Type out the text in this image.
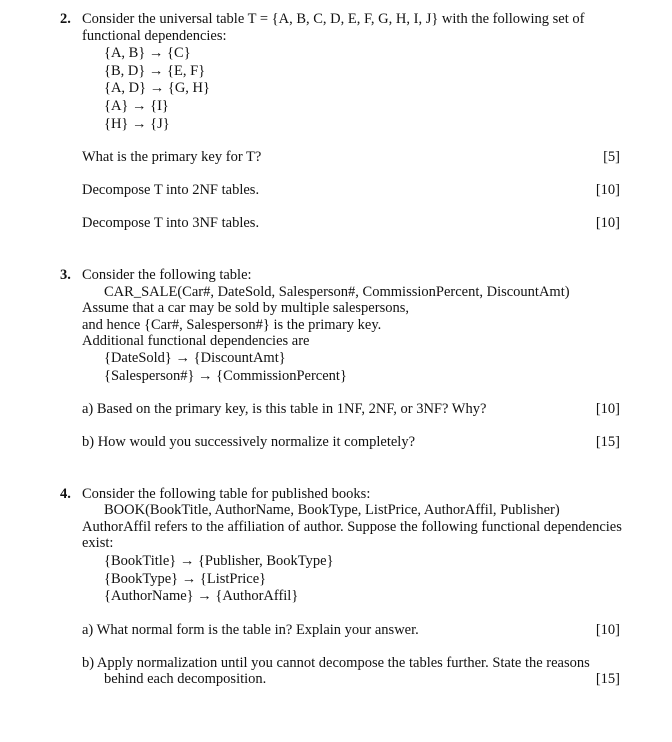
2. Consider the universal table T = {A, B, C, D, E, F, G, H, I, J} with the following set of
functional dependencies:
{A, B} → {C}
{B, D} → {E, F}
{A, D} → {G, H}
{A} → {I}
{H} → {J}
What is the primary key for T?	[5]
Decompose T into 2NF tables.	[10]
Decompose T into 3NF tables.	[10]
3. Consider the following table:
CAR_SALE(Car#, DateSold, Salesperson#, CommissionPercent, DiscountAmt)
Assume that a car may be sold by multiple salespersons,
and hence {Car#, Salesperson#} is the primary key.
Additional functional dependencies are
{DateSold} → {DiscountAmt}
{Salesperson#} → {CommissionPercent}
a) Based on the primary key, is this table in 1NF, 2NF, or 3NF? Why?	[10]
b) How would you successively normalize it completely?	[15]
4. Consider the following table for published books:
BOOK(BookTitle, AuthorName, BookType, ListPrice, AuthorAffil, Publisher)
AuthorAffil refers to the affiliation of author. Suppose the following functional dependencies
exist:
{BookTitle} → {Publisher, BookType}
{BookType} → {ListPrice}
{AuthorName} → {AuthorAffil}
a) What normal form is the table in? Explain your answer.	[10]
b) Apply normalization until you cannot decompose the tables further. State the reasons
behind each decomposition.	[15]
